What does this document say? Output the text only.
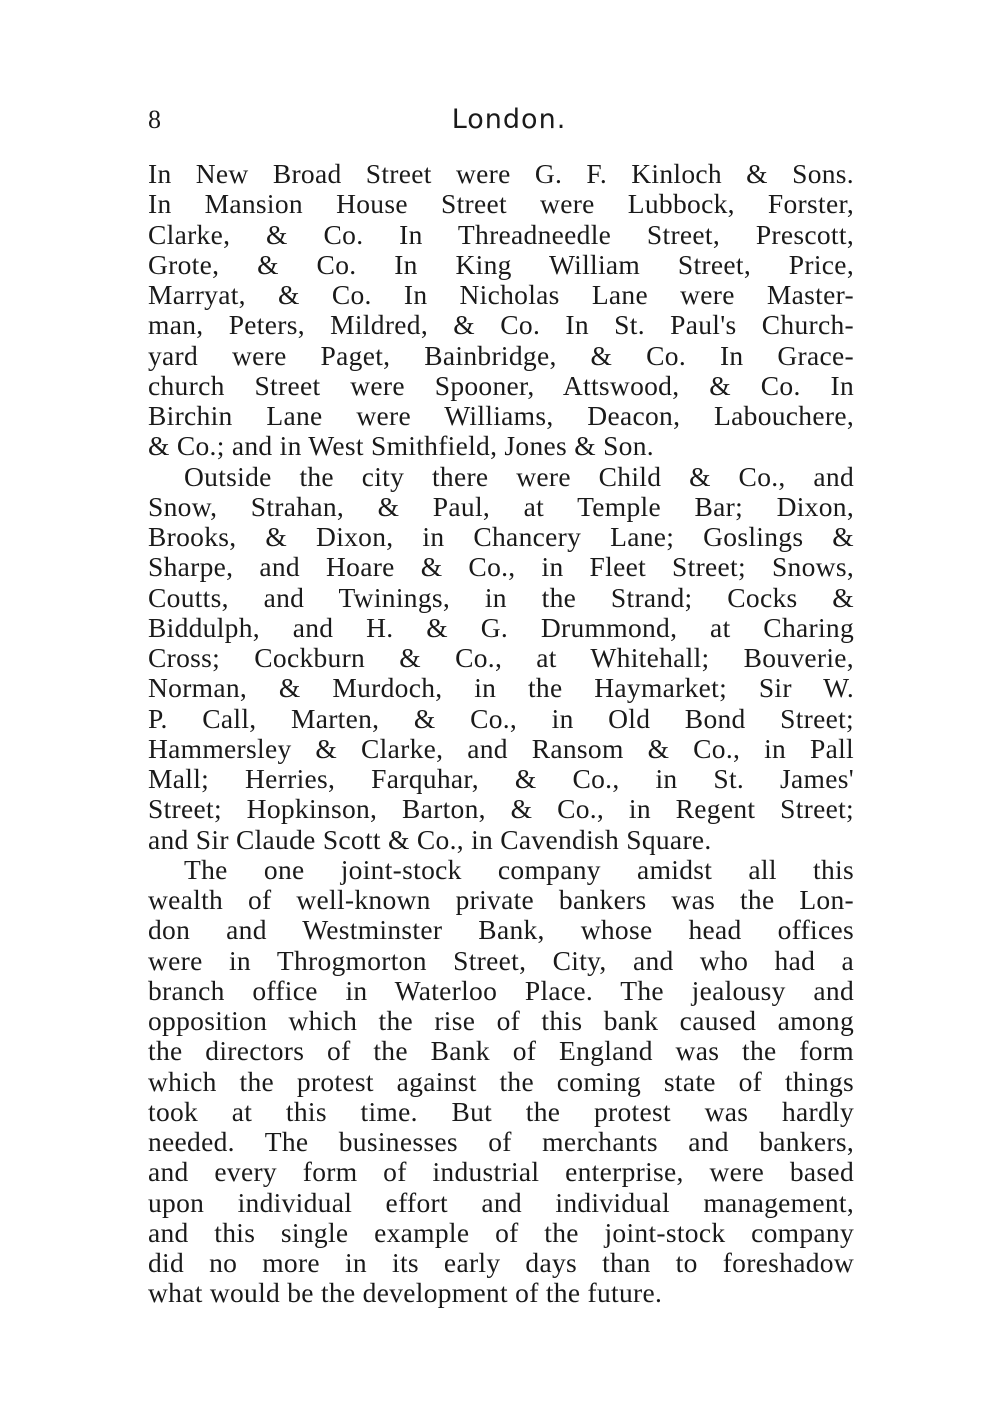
8	London.
In New Broad Street were G. F. Kinloch & Sons.
In Mansion House Street were Lubbock, Forster,
Clarke, & Co. In Threadneedle Street, Prescott,
Grote, & Co. In King William Street, Price,
Marryat, & Co. In Nicholas Lane were Master-
man, Peters, Mildred, & Co. In St. Paul's Church-
yard were Paget, Bainbridge, & Co. In Grace-
church Street were Spooner, Attswood, & Co. In
Birchin Lane were Williams, Deacon, Labouchere,
& Co.; and in West Smithfield, Jones & Son.
Outside the city there were Child & Co., and
Snow, Strahan, & Paul, at Temple Bar; Dixon,
Brooks, & Dixon, in Chancery Lane; Goslings &
Sharpe, and Hoare & Co., in Fleet Street; Snows,
Coutts, and Twinings, in the Strand; Cocks &
Biddulph, and H. & G. Drummond, at Charing
Cross; Cockburn & Co., at Whitehall; Bouverie,
Norman, & Murdoch, in the Haymarket; Sir W.
P. Call, Marten, & Co., in Old Bond Street;
Hammersley & Clarke, and Ransom & Co., in Pall
Mall; Herries, Farquhar, & Co., in St. James'
Street; Hopkinson, Barton, & Co., in Regent Street;
and Sir Claude Scott & Co., in Cavendish Square.
The one joint-stock company amidst all this
wealth of well-known private bankers was the Lon-
don and Westminster Bank, whose head offices
were in Throgmorton Street, City, and who had a
branch office in Waterloo Place. The jealousy and
opposition which the rise of this bank caused among
the directors of the Bank of England was the form
which the protest against the coming state of things
took at this time. But the protest was hardly
needed. The businesses of merchants and bankers,
and every form of industrial enterprise, were based
upon individual effort and individual management,
and this single example of the joint-stock company
did no more in its early days than to foreshadow
what would be the development of the future.
